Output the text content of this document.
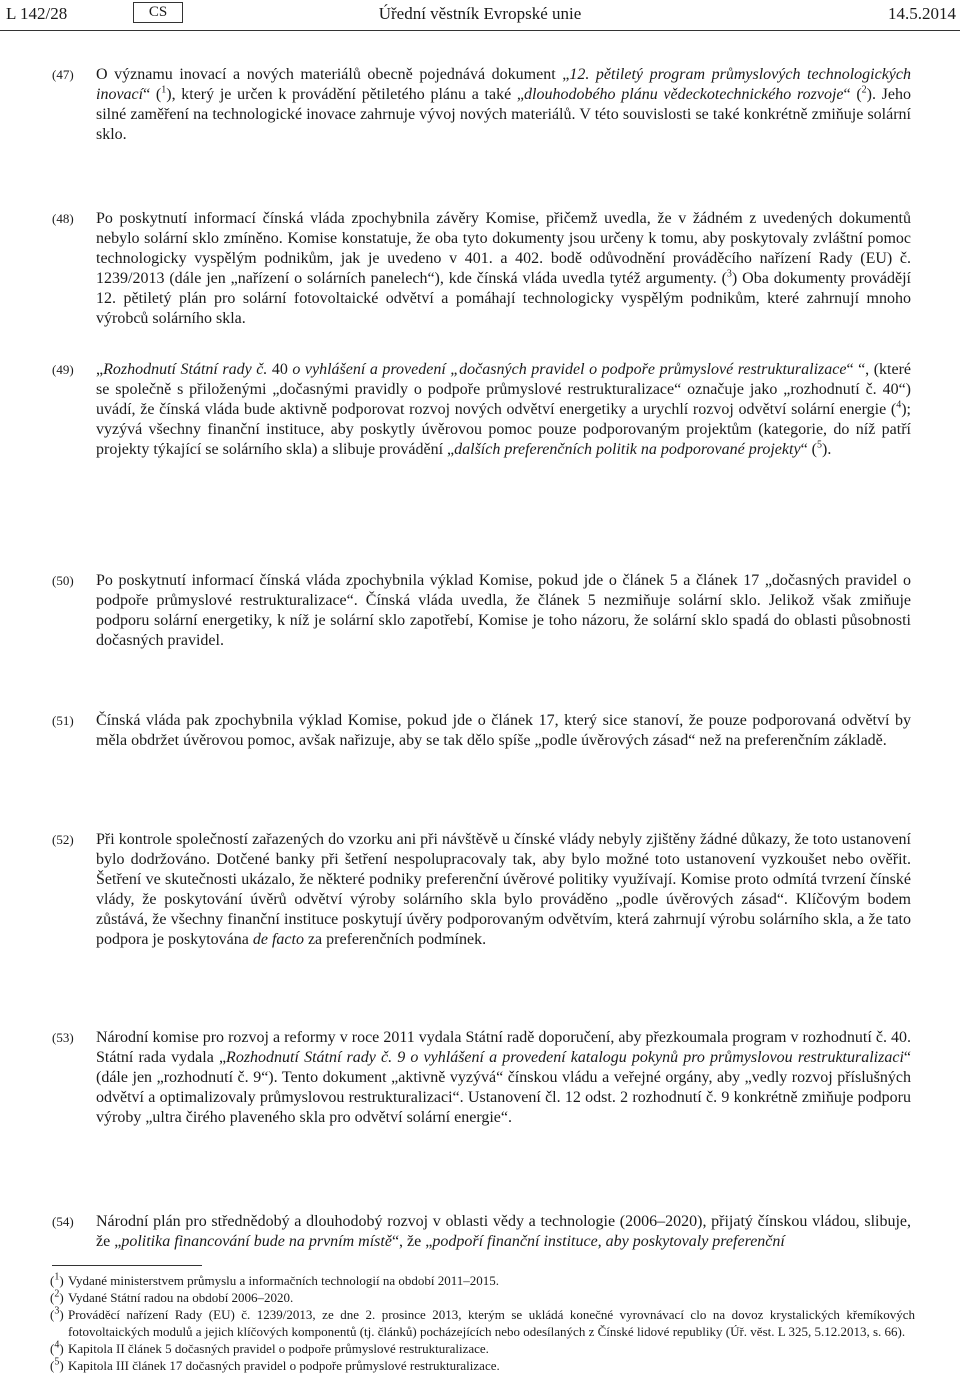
L 142/28	CS	Úřední věstník Evropské unie	14.5.2014
(47) O významu inovací a nových materiálů obecně pojednává dokument „12. pětiletý program průmyslových technologických inovací“ ($^1$), který je určen k provádění pětiletého plánu a také „dlouhodobého plánu vědeckotechnického rozvoje“ ($^2$). Jeho silné zaměření na technologické inovace zahrnuje vývoj nových materiálů. V této souvislosti se také konkrétně zmiňuje solární sklo.
(48) Po poskytnutí informací čínská vláda zpochybnila závěry Komise, přičemž uvedla, že v žádném z uvedených dokumentů nebylo solární sklo zmíněno. Komise konstatuje, že oba tyto dokumenty jsou určeny k tomu, aby poskytovaly zvláštní pomoc technologicky vyspělým podnikům, jak je uvedeno v 401. a 402. bodě odůvodnění prováděcího nařízení Rady (EU) č. 1239/2013 (dále jen „nařízení o solárních panelech“), kde čínská vláda uvedla tytéž argumenty. ($^3$) Oba dokumenty provádějí 12. pětiletý plán pro solární fotovoltaické odvětví a pomáhají technologicky vyspělým podnikům, které zahrnují mnoho výrobců solárního skla.
(49) „Rozhodnutí Státní rady č. 40 o vyhlášení a provedení „dočasných pravidel o podpoře průmyslové restrukturalizace“ “, (které se společně s přiloženými „dočasnými pravidly o podpoře průmyslové restrukturalizace“ označuje jako „rozhodnutí č. 40“) uvádí, že čínská vláda bude aktivně podporovat rozvoj nových odvětví energetiky a urychlí rozvoj odvětví solární energie ($^4$); vyzývá všechny finanční instituce, aby poskytly úvěrovou pomoc pouze podporovaným projektům (kategorie, do níž patří projekty týkající se solárního skla) a slibuje provádění „dalších preferenčních politik na podporované projekty“ ($^5$).
(50) Po poskytnutí informací čínská vláda zpochybnila výklad Komise, pokud jde o článek 5 a článek 17 „dočasných pravidel o podpoře průmyslové restrukturalizace“. Čínská vláda uvedla, že článek 5 nezmiňuje solární sklo. Jelikož však zmiňuje podporu solární energetiky, k níž je solární sklo zapotřebí, Komise je toho názoru, že solární sklo spadá do oblasti působnosti dočasných pravidel.
(51) Čínská vláda pak zpochybnila výklad Komise, pokud jde o článek 17, který sice stanoví, že pouze podporovaná odvětví by měla obdržet úvěrovou pomoc, avšak nařizuje, aby se tak dělo spíše „podle úvěrových zásad“ než na preferenčním základě.
(52) Při kontrole společností zařazených do vzorku ani při návštěvě u čínské vlády nebyly zjištěny žádné důkazy, že toto ustanovení bylo dodržováno. Dotčené banky při šetření nespolupracovaly tak, aby bylo možné toto ustanovení vyzkoušet nebo ověřit. Šetření ve skutečnosti ukázalo, že některé podniky preferenční úvěrové politiky využívají. Komise proto odmítá tvrzení čínské vlády, že poskytování úvěrů odvětví výroby solárního skla bylo prováděno „podle úvěrových zásad“. Klíčovým bodem zůstává, že všechny finanční instituce poskytují úvěry podporovaným odvětvím, která zahrnují výrobu solárního skla, a že tato podpora je poskytována de facto za preferenčních podmínek.
(53) Národní komise pro rozvoj a reformy v roce 2011 vydala Státní radě doporučení, aby přezkoumala program v rozhodnutí č. 40. Státní rada vydala „Rozhodnutí Státní rady č. 9 o vyhlášení a provedení katalogu pokynů pro průmyslovou restrukturalizaci“ (dále jen „rozhodnutí č. 9“). Tento dokument „aktivně vyzývá“ čínskou vládu a veřejné orgány, aby „vedly rozvoj příslušných odvětví a optimalizovaly průmyslovou restrukturalizaci“. Ustanovení čl. 12 odst. 2 rozhodnutí č. 9 konkrétně zmiňuje podporu výroby „ultra čirého plaveného skla pro odvětví solární energie“.
(54) Národní plán pro střednědobý a dlouhodobý rozvoj v oblasti vědy a technologie (2006–2020), přijatý čínskou vládou, slibuje, že „politika financování bude na prvním místě“, že „podpoří finanční instituce, aby poskytovaly preferenční
($^1$) Vydané ministerstvem průmyslu a informačních technologií na období 2011–2015.
($^2$) Vydané Státní radou na období 2006–2020.
($^3$) Prováděcí nařízení Rady (EU) č. 1239/2013, ze dne 2. prosince 2013, kterým se ukládá konečné vyrovnávací clo na dovoz krystalických křemíkových fotovoltaických modulů a jejich klíčových komponentů (tj. článků) pocházejících nebo odesílaných z Čínské lidové republiky (Úř. věst. L 325, 5.12.2013, s. 66).
($^4$) Kapitola II článek 5 dočasných pravidel o podpoře průmyslové restrukturalizace.
($^5$) Kapitola III článek 17 dočasných pravidel o podpoře průmyslové restrukturalizace.
